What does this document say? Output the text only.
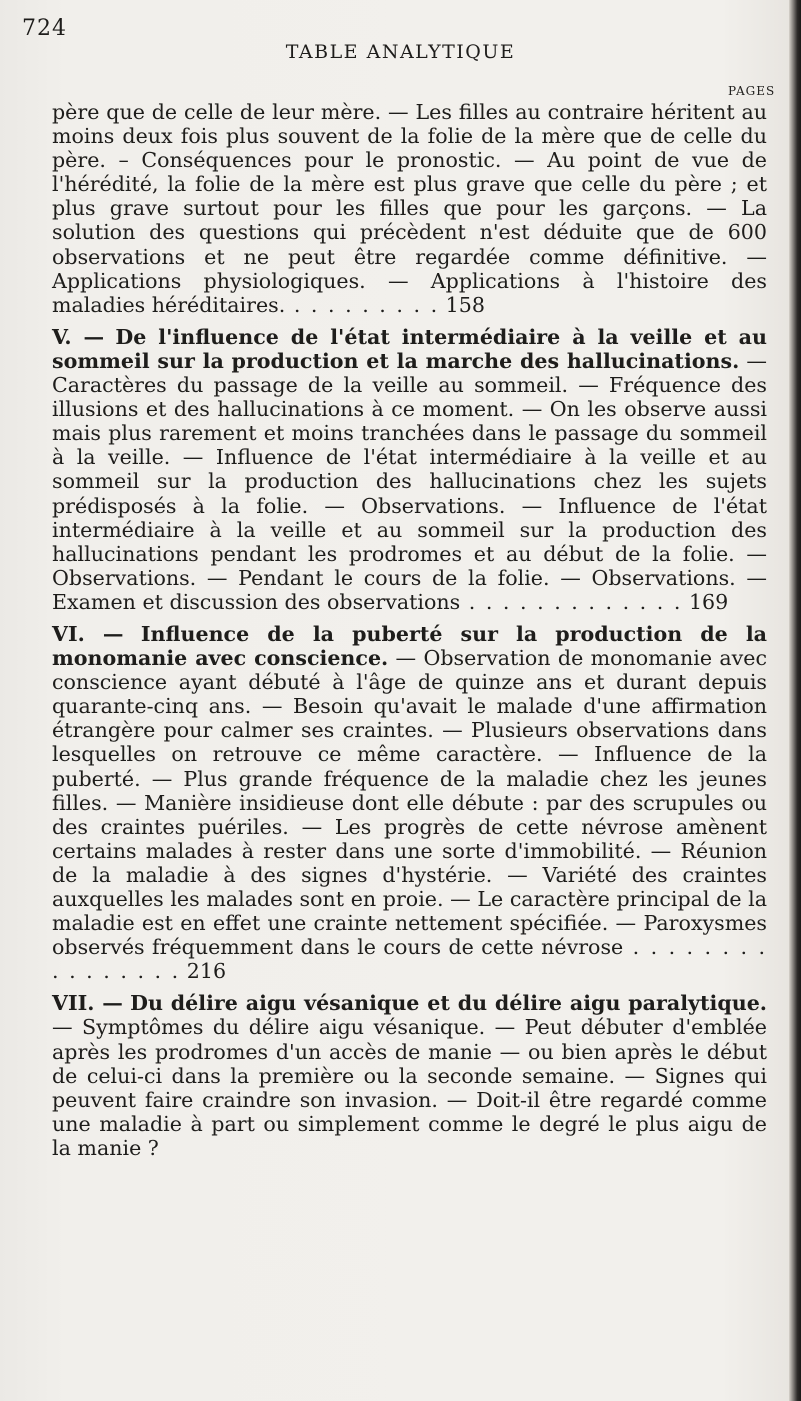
724
TABLE ANALYTIQUE
PAGES

père que de celle de leur mère. — Les filles au contraire héritent au moins deux fois plus souvent de la folie de la mère que de celle du père. – Conséquences pour le pronostic. — Au point de vue de l'hérédité, la folie de la mère est plus grave que celle du père ; et plus grave surtout pour les filles que pour les garçons. — La solution des questions qui précèdent n'est déduite que de 600 observations et ne peut être regardée comme définitive. — Applications physiologiques. — Applications à l'histoire des maladies héréditaires. . . . . . . . . . 158

V. — De l'influence de l'état intermédiaire à la veille et au sommeil sur la production et la marche des hallucinations. — Caractères du passage de la veille au sommeil. — Fréquence des illusions et des hallucinations à ce moment. — On les observe aussi mais plus rarement et moins tranchées dans le passage du sommeil à la veille. — Influence de l'état intermédiaire à la veille et au sommeil sur la production des hallucinations chez les sujets prédisposés à la folie. — Observations. — Influence de l'état intermédiaire à la veille et au sommeil sur la production des hallucinations pendant les prodromes et au début de la folie. — Observations. — Pendant le cours de la folie. — Observations. — Examen et discussion des observations . . . . . . . . . . . . . 169

VI. — Influence de la puberté sur la production de la monomanie avec conscience. — Observation de monomanie avec conscience ayant débuté à l'âge de quinze ans et durant depuis quarante-cinq ans. — Besoin qu'avait le malade d'une affirmation étrangère pour calmer ses craintes. — Plusieurs observations dans lesquelles on retrouve ce même caractère. — Influence de la puberté. — Plus grande fréquence de la maladie chez les jeunes filles. — Manière insidieuse dont elle débute : par des scrupules ou des craintes puériles. — Les progrès de cette névrose amènent certains malades à rester dans une sorte d'immobilité. — Réunion de la maladie à des signes d'hystérie. — Variété des craintes auxquelles les malades sont en proie. — Le caractère principal de la maladie est en effet une crainte nettement spécifiée. — Paroxysmes observés fréquemment dans le cours de cette névrose . . . . . . . . . . . . . . . . 216

VII. — Du délire aigu vésanique et du délire aigu paralytique. — Symptômes du délire aigu vésanique. — Peut débuter d'emblée après les prodromes d'un accès de manie — ou bien après le début de celui-ci dans la première ou la seconde semaine. — Signes qui peuvent faire craindre son invasion. — Doit-il être regardé comme une maladie à part ou simplement comme le degré le plus aigu de la manie ?
